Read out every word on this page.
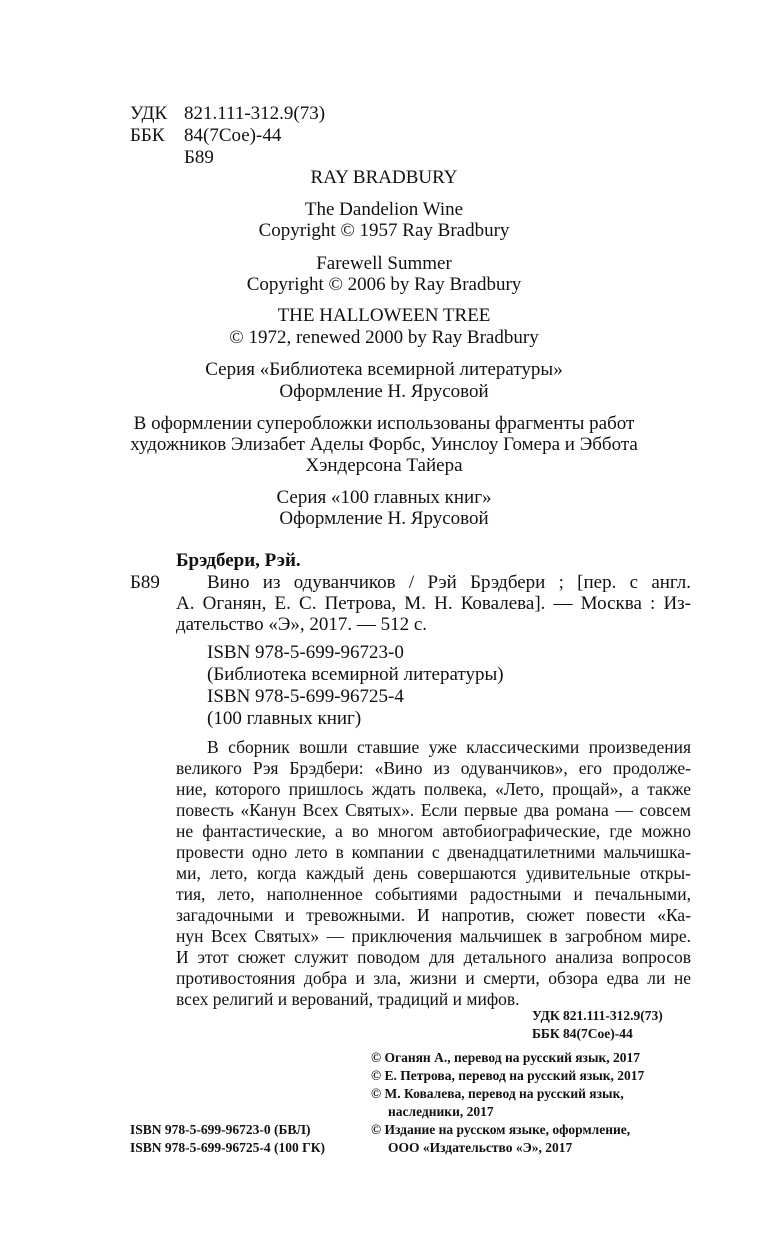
УДК 821.111-312.9(73)
ББК 84(7Сое)-44
Б89
RAY BRADBURY
The Dandelion Wine
Copyright © 1957 Ray Bradbury
Farewell Summer
Copyright © 2006 by Ray Bradbury
THE HALLOWEEN TREE
© 1972, renewed 2000 by Ray Bradbury
Серия «Библиотека всемирной литературы»
Оформление Н. Ярусовой
В оформлении суперобложки использованы фрагменты работ
художников Элизабет Аделы Форбс, Уинслоу Гомера и Эббота
Хэндерсона Тайера
Серия «100 главных книг»
Оформление Н. Ярусовой
Брэдбери, Рэй.
Б89 Вино из одуванчиков / Рэй Брэдбери ; [пер. с англ.
А. Оганян, Е. С. Петрова, М. Н. Ковалева]. — Москва : Из-
дательство «Э», 2017. — 512 с.
ISBN 978-5-699-96723-0
(Библиотека всемирной литературы)
ISBN 978-5-699-96725-4
(100 главных книг)
В сборник вошли ставшие уже классическими произведения
великого Рэя Брэдбери: «Вино из одуванчиков», его продолже-
ние, которого пришлось ждать полвека, «Лето, прощай», а также
повесть «Канун Всех Святых». Если первые два романа — совсем
не фантастические, а во многом автобиографические, где можно
провести одно лето в компании с двенадцатилетними мальчишка-
ми, лето, когда каждый день совершаются удивительные откры-
тия, лето, наполненное событиями радостными и печальными,
загадочными и тревожными. И напротив, сюжет повести «Ка-
нун Всех Святых» — приключения мальчишек в загробном мире.
И этот сюжет служит поводом для детального анализа вопросов
противостояния добра и зла, жизни и смерти, обзора едва ли не
всех религий и верований, традиций и мифов.
УДК 821.111-312.9(73)
ББК 84(7Сое)-44
© Оганян А., перевод на русский язык, 2017
© Е. Петрова, перевод на русский язык, 2017
© М. Ковалева, перевод на русский язык,
наследники, 2017
© Издание на русском языке, оформление,
ООО «Издательство «Э», 2017
ISBN 978-5-699-96723-0 (БВЛ)
ISBN 978-5-699-96725-4 (100 ГК)
